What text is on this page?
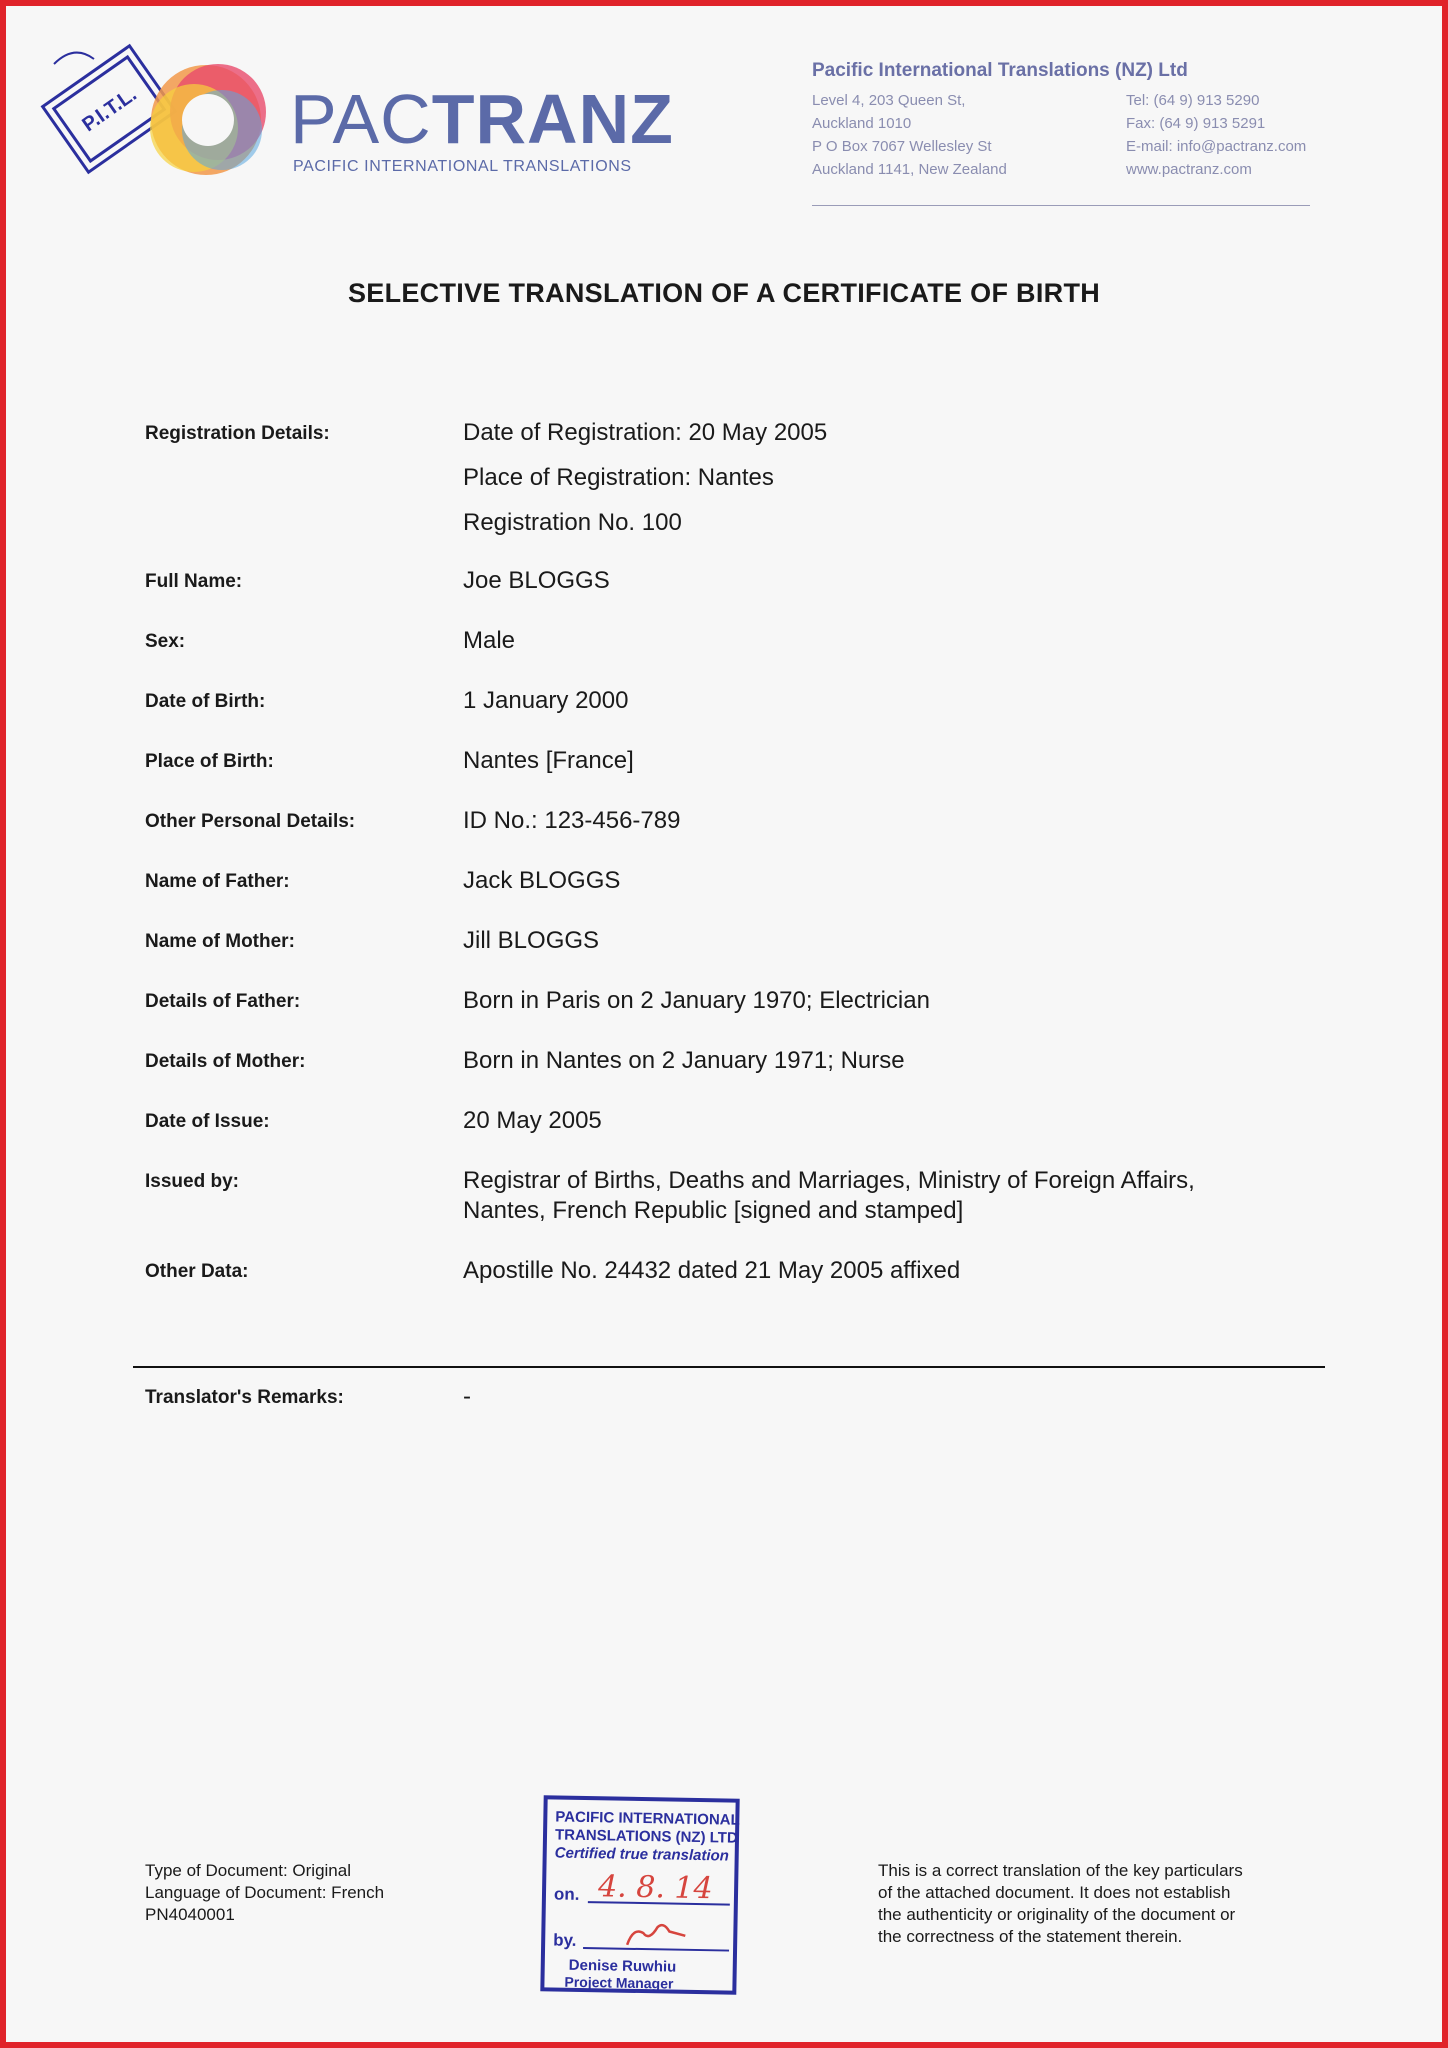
P.I.T.L. PACTRANZ
PACIFIC INTERNATIONAL TRANSLATIONS
Pacific International Translations (NZ) Ltd
Level 4, 203 Queen St,	Tel: (64 9) 913 5290
Auckland 1010	Fax: (64 9) 913 5291
P O Box 7067 Wellesley St	E-mail: info@pactranz.com
Auckland 1141, New Zealand	www.pactranz.com
SELECTIVE TRANSLATION OF A CERTIFICATE OF BIRTH
Registration Details:	Date of Registration: 20 May 2005
Place of Registration: Nantes
Registration No. 100
Full Name:	Joe BLOGGS
Sex:	Male
Date of Birth:	1 January 2000
Place of Birth:	Nantes [France]
Other Personal Details:	ID No.: 123-456-789
Name of Father:	Jack BLOGGS
Name of Mother:	Jill BLOGGS
Details of Father:	Born in Paris on 2 January 1970; Electrician
Details of Mother:	Born in Nantes on 2 January 1971; Nurse
Date of Issue:	20 May 2005
Issued by:	Registrar of Births, Deaths and Marriages, Ministry of Foreign Affairs,
Nantes, French Republic [signed and stamped]
Other Data:	Apostille No. 24432 dated 21 May 2005 affixed
Translator's Remarks:	-
Type of Document: Original
Language of Document: French
PN4040001
PACIFIC INTERNATIONAL
TRANSLATIONS (NZ) LTD
Certified true translation
on.
by.
Denise Ruwhiu
Project Manager
4. 8. 14	This is a correct translation of the key particulars
of the attached document. It does not establish
the authenticity or originality of the document or
the correctness of the statement therein.
